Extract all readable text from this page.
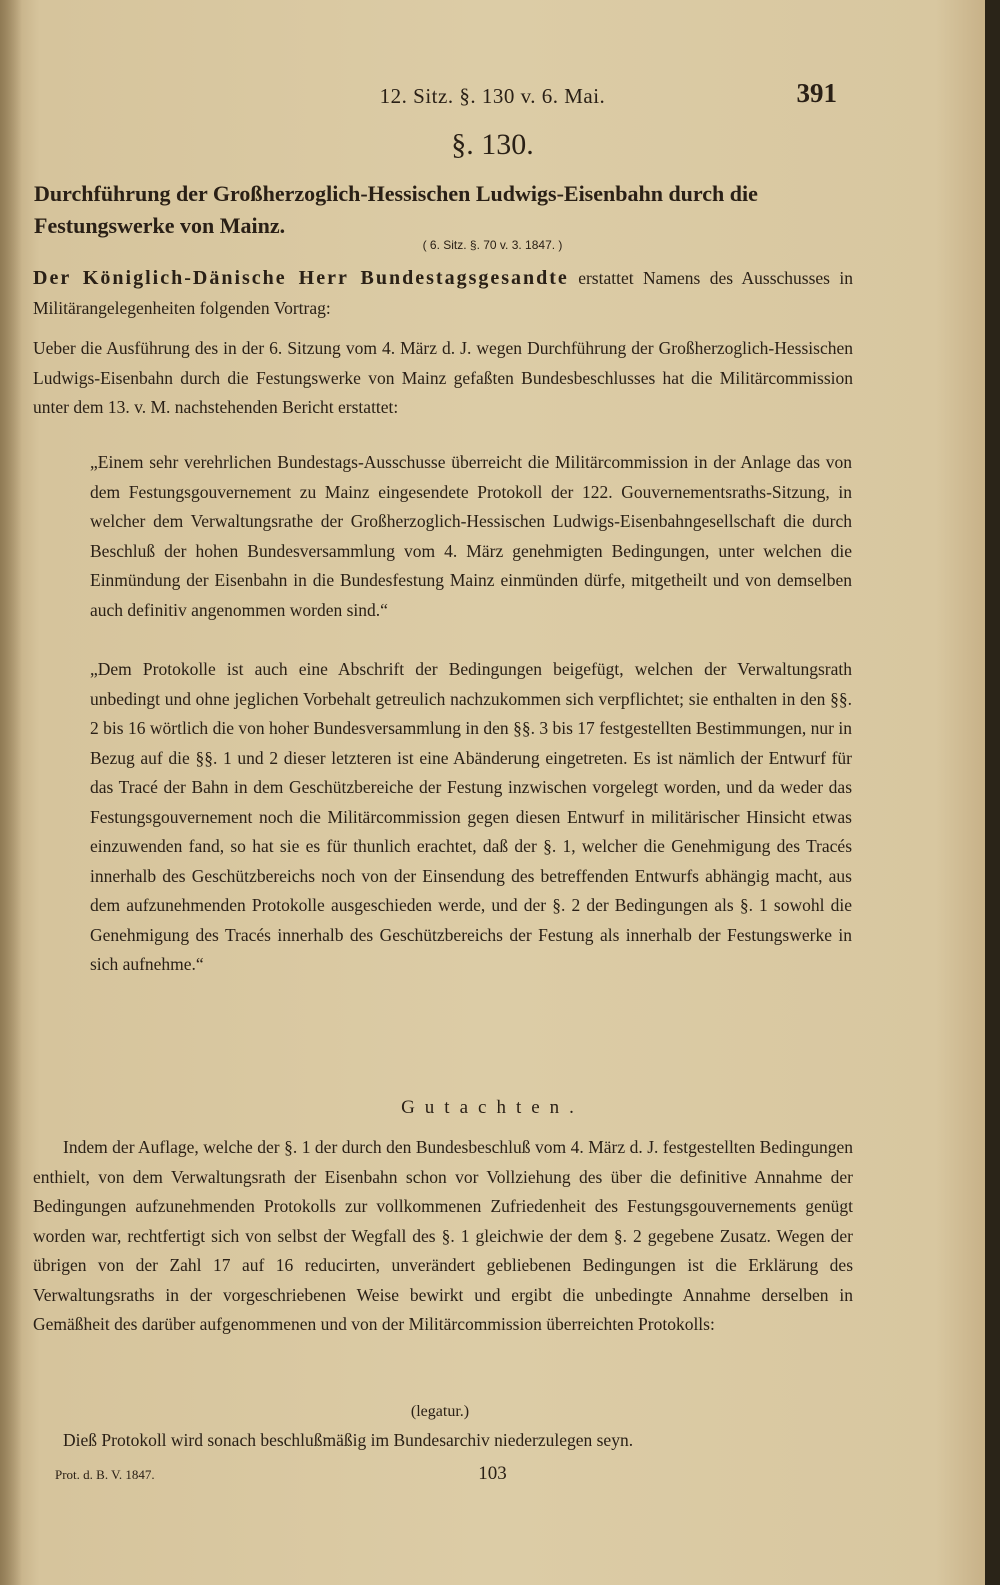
12. Sitz. §. 130 v. 6. Mai.	391
§. 130.
Durchführung der Großherzoglich-Hessischen Ludwigs-Eisenbahn durch die Festungswerke von Mainz.
( 6. Sitz. §. 70 v. 3. 1847. )

Der Königlich-Dänische Herr Bundestagsgesandte erstattet Namens des Ausschusses in Militärangelegenheiten folgenden Vortrag:

Ueber die Ausführung des in der 6. Sitzung vom 4. März d. J. wegen Durchführung der Großherzoglich-Hessischen Ludwigs-Eisenbahn durch die Festungswerke von Mainz gefaßten Bundesbeschlusses hat die Militärcommission unter dem 13. v. M. nachstehenden Bericht erstattet:

„Einem sehr verehrlichen Bundestags-Ausschusse überreicht die Militärcommission in der Anlage das von dem Festungsgouvernement zu Mainz eingesendete Protokoll der 122. Gouvernementsraths-Sitzung, in welcher dem Verwaltungsrathe der Großherzoglich-Hessischen Ludwigs-Eisenbahngesellschaft die durch Beschluß der hohen Bundesversammlung vom 4. März genehmigten Bedingungen, unter welchen die Einmündung der Eisenbahn in die Bundesfestung Mainz einmünden dürfe, mitgetheilt und von demselben auch definitiv angenommen worden sind.“

„Dem Protokolle ist auch eine Abschrift der Bedingungen beigefügt, welchen der Verwaltungsrath unbedingt und ohne jeglichen Vorbehalt getreulich nachzukommen sich verpflichtet; sie enthalten in den §§. 2 bis 16 wörtlich die von hoher Bundesversammlung in den §§. 3 bis 17 festgestellten Bestimmungen, nur in Bezug auf die §§. 1 und 2 dieser letzteren ist eine Abänderung eingetreten. Es ist nämlich der Entwurf für das Tracé der Bahn in dem Geschützbereiche der Festung inzwischen vorgelegt worden, und da weder das Festungsgouvernement noch die Militärcommission gegen diesen Entwurf in militärischer Hinsicht etwas einzuwenden fand, so hat sie es für thunlich erachtet, daß der §. 1, welcher die Genehmigung des Tracés innerhalb des Geschützbereichs noch von der Einsendung des betreffenden Entwurfs abhängig macht, aus dem aufzunehmenden Protokolle ausgeschieden werde, und der §. 2 der Bedingungen als §. 1 sowohl die Genehmigung des Tracés innerhalb des Geschützbereichs der Festung als innerhalb der Festungswerke in sich aufnehme.“

Gutachten.

Indem der Auflage, welche der §. 1 der durch den Bundesbeschluß vom 4. März d. J. festgestellten Bedingungen enthielt, von dem Verwaltungsrath der Eisenbahn schon vor Vollziehung des über die definitive Annahme der Bedingungen aufzunehmenden Protokolls zur vollkommenen Zufriedenheit des Festungsgouvernements genügt worden war, rechtfertigt sich von selbst der Wegfall des §. 1 gleichwie der dem §. 2 gegebene Zusatz. Wegen der übrigen von der Zahl 17 auf 16 reducirten, unverändert gebliebenen Bedingungen ist die Erklärung des Verwaltungsraths in der vorgeschriebenen Weise bewirkt und ergibt die unbedingte Annahme derselben in Gemäßheit des darüber aufgenommenen und von der Militärcommission überreichten Protokolls:

(legatur.)

Dieß Protokoll wird sonach beschlußmäßig im Bundesarchiv niederzulegen seyn.

Prot. d. B. V. 1847.	103
